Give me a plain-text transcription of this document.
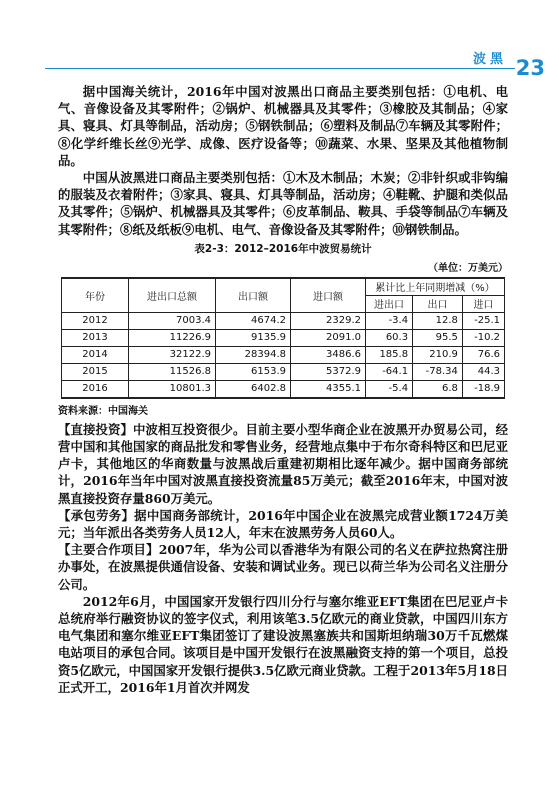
波黑 23

据中国海关统计，2016年中国对波黑出口商品主要类别包括：①电机、电气、音像设备及其零附件；②锅炉、机械器具及其零件；③橡胶及其制品；④家具、寝具、灯具等制品，活动房；⑤钢铁制品；⑥塑料及制品⑦车辆及其零附件；⑧化学纤维长丝⑨光学、成像、医疗设备等；⑩蔬菜、水果、坚果及其他植物制品。

中国从波黑进口商品主要类别包括：①木及木制品；木炭；②非针织或非钩编的服装及衣着附件；③家具、寝具、灯具等制品，活动房；④鞋靴、护腿和类似品及其零件；⑤锅炉、机械器具及其零件；⑥皮革制品、鞍具、手袋等制品⑦车辆及其零附件；⑧纸及纸板⑨电机、电气、音像设备及其零附件；⑩钢铁制品。

表2-3：2012–2016年中波贸易统计
（单位：万美元）
年份	进出口总额	出口额	进口额	累计比上年同期增减（%）		
				进出口	出口	进口
2012	7003.4	4674.2	2329.2	-3.4	12.8	-25.1
2013	11226.9	9135.9	2091.0	60.3	95.5	-10.2
2014	32122.9	28394.8	3486.6	185.8	210.9	76.6
2015	11526.8	6153.9	5372.9	-64.1	-78.34	44.3
2016	10801.3	6402.8	4355.1	-5.4	6.8	-18.9
资料来源：中国海关

【直接投资】中波相互投资很少。目前主要小型华商企业在波黑开办贸易公司，经营中国和其他国家的商品批发和零售业务，经营地点集中于布尔奇科特区和巴尼亚卢卡，其他地区的华商数量与波黑战后重建初期相比逐年减少。据中国商务部统计，2016年当年中国对波黑直接投资流量85万美元；截至2016年末，中国对波黑直接投资存量860万美元。

【承包劳务】据中国商务部统计，2016年中国企业在波黑完成营业额1724万美元；当年派出各类劳务人员12人，年末在波黑劳务人员60人。

【主要合作项目】2007年，华为公司以香港华为有限公司的名义在萨拉热窝注册办事处，在波黑提供通信设备、安装和调试业务。现已以荷兰华为公司名义注册分公司。

2012年6月，中国国家开发银行四川分行与塞尔维亚EFT集团在巴尼亚卢卡总统府举行融资协议的签字仪式，利用该笔3.5亿欧元的商业贷款，中国四川东方电气集团和塞尔维亚EFT集团签订了建设波黑塞族共和国斯坦纳瑞30万千瓦燃煤电站项目的承包合同。该项目是中国开发银行在波黑融资支持的第一个项目，总投资5亿欧元，中国国家开发银行提供3.5亿欧元商业贷款。工程于2013年5月18日正式开工，2016年1月首次并网发
